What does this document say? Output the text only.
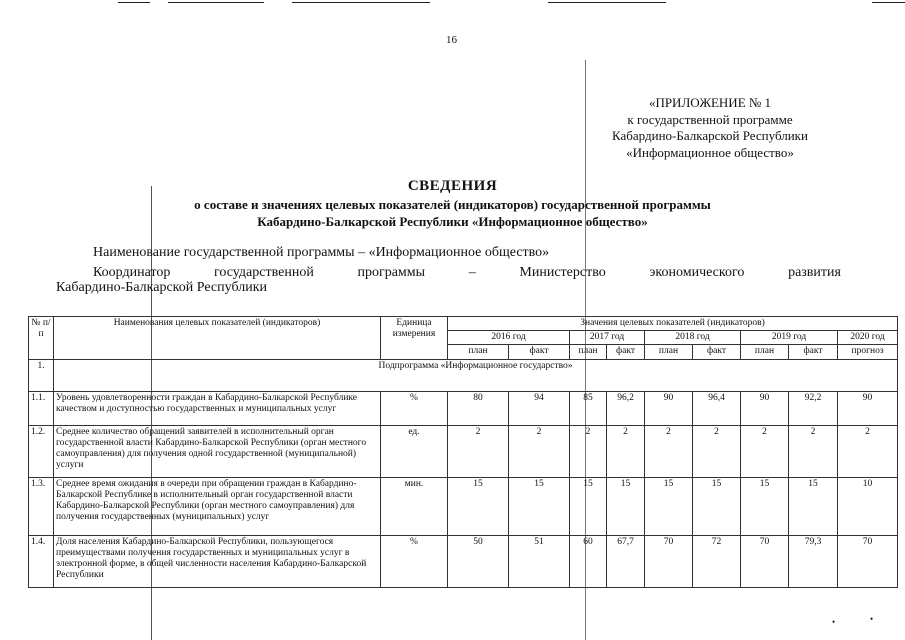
16
«ПРИЛОЖЕНИЕ № 1
к государственной программе
Кабардино-Балкарской Республики
«Информационное общество»
СВЕДЕНИЯ
о составе и значениях целевых показателей (индикаторов) государственной программы
Кабардино-Балкарской Республики «Информационное общество»
Наименование государственной программы – «Информационное общество»
Координатор	государственной	программы	–	Министерство	экономического	развития
Кабардино-Балкарской Республики
№ п/п	Наименования целевых показателей (индикаторов)	Единица измерения	Значения целевых показателей (индикаторов)								
			2016 год		2017 год		2018 год		2019 год		2020 год
			план	факт	план	факт	план	факт	план	факт	прогноз
1.	Подпрограмма «Информационное государство»										
1.1.	Уровень удовлетворенности граждан в Кабардино-Балкарской Республике качеством и доступностью государственных и муниципальных услуг	%	80	94	85	96,2	90	96,4	90	92,2	90
1.2.	Среднее количество обращений заявителей в исполнительный орган государственной власти Кабардино-Балкарской Республики (орган местного самоуправления) для получения одной государственной (муниципальной) услуги	ед.	2	2	2	2	2	2	2	2	2
1.3.	Среднее время ожидания в очереди при обращении граждан в Кабардино-Балкарской Республике в исполнительный орган государственной власти Кабардино-Балкарской Республики (орган местного самоуправления) для получения государственных (муниципальных) услуг	мин.	15	15	15	15	15	15	15	15	10
1.4.	Доля населения Кабардино-Балкарской Республики, пользующегося преимуществами получения государственных и муниципальных услуг в электронной форме, в общей численности населения Кабардино-Балкарской Республики	%	50	51	60	67,7	70	72	70	79,3	70
•	•
